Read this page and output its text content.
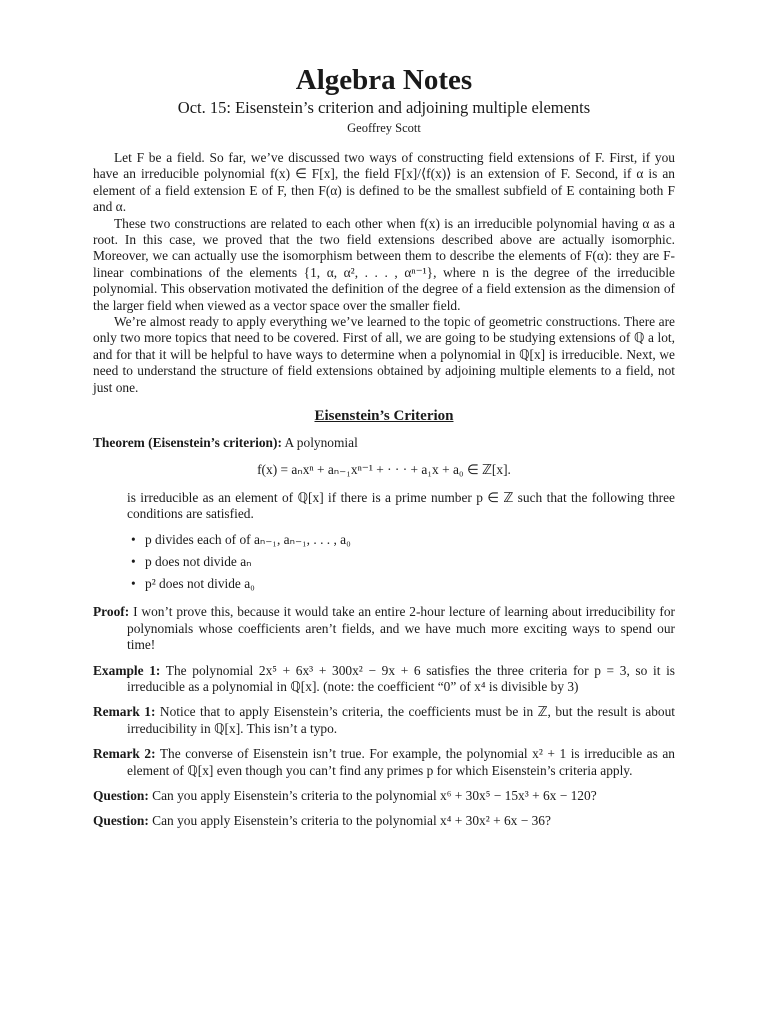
Algebra Notes
Oct. 15: Eisenstein’s criterion and adjoining multiple elements
Geoffrey Scott

Let F be a field. So far, we’ve discussed two ways of constructing field extensions of F. First, if you have an irreducible polynomial f(x) ∈ F[x], the field F[x]/⟨f(x)⟩ is an extension of F. Second, if α is an element of a field extension E of F, then F(α) is defined to be the smallest subfield of E containing both F and α.

These two constructions are related to each other when f(x) is an irreducible polynomial having α as a root. In this case, we proved that the two field extensions described above are actually isomorphic. Moreover, we can actually use the isomorphism between them to describe the elements of F(α): they are F-linear combinations of the elements {1, α, α², . . . , αⁿ⁻¹}, where n is the degree of the irreducible polynomial. This observation motivated the definition of the degree of a field extension as the dimension of the larger field when viewed as a vector space over the smaller field.

We’re almost ready to apply everything we’ve learned to the topic of geometric constructions. There are only two more topics that need to be covered. First of all, we are going to be studying extensions of ℚ a lot, and for that it will be helpful to have ways to determine when a polynomial in ℚ[x] is irreducible. Next, we need to understand the structure of field extensions obtained by adjoining multiple elements to a field, not just one.

Eisenstein’s Criterion
Theorem (Eisenstein’s criterion): A polynomial
f(x) = aₙxⁿ + aₙ₋₁xⁿ⁻¹ + · · · + a₁x + a₀ ∈ ℤ[x].
is irreducible as an element of ℚ[x] if there is a prime number p ∈ ℤ such that the following three conditions are satisfied.
• p divides each of of aₙ₋₁, aₙ₋₁, . . . , a₀
• p does not divide aₙ
• p² does not divide a₀
Proof: I won’t prove this, because it would take an entire 2-hour lecture of learning about irreducibility for polynomials whose coefficients aren’t fields, and we have much more exciting ways to spend our time!
Example 1: The polynomial 2x⁵ + 6x³ + 300x² − 9x + 6 satisfies the three criteria for p = 3, so it is irreducible as a polynomial in ℚ[x]. (note: the coefficient “0” of x⁴ is divisible by 3)
Remark 1: Notice that to apply Eisenstein’s criteria, the coefficients must be in ℤ, but the result is about irreducibility in ℚ[x]. This isn’t a typo.
Remark 2: The converse of Eisenstein isn’t true. For example, the polynomial x² + 1 is irreducible as an element of ℚ[x] even though you can’t find any primes p for which Eisenstein’s criteria apply.
Question: Can you apply Eisenstein’s criteria to the polynomial x⁶ + 30x⁵ − 15x³ + 6x − 120?
Question: Can you apply Eisenstein’s criteria to the polynomial x⁴ + 30x² + 6x − 36?
